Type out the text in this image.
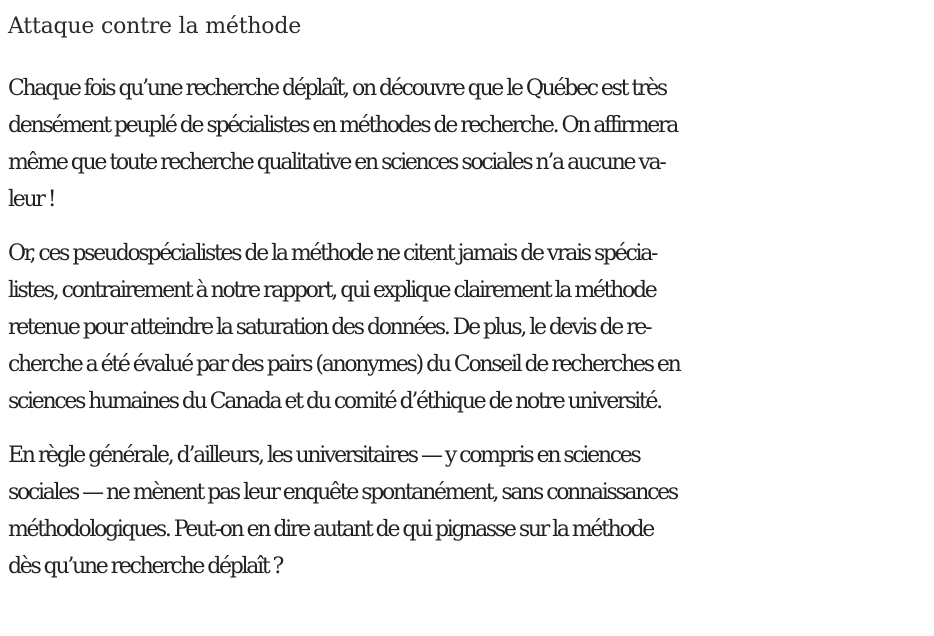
Attaque contre la méthode

Chaque fois qu’une recherche déplaît, on découvre que le Québec est très
densément peuplé de spécialistes en méthodes de recherche. On affirmera
même que toute recherche qualitative en sciences sociales n’a aucune va-
leur !

Or, ces pseudospécialistes de la méthode ne citent jamais de vrais spécia-
listes, contrairement à notre rapport, qui explique clairement la méthode
retenue pour atteindre la saturation des données. De plus, le devis de re-
cherche a été évalué par des pairs (anonymes) du Conseil de recherches en
sciences humaines du Canada et du comité d’éthique de notre université.

En règle générale, d’ailleurs, les universitaires — y compris en sciences
sociales — ne mènent pas leur enquête spontanément, sans connaissances
méthodologiques. Peut-on en dire autant de qui pignasse sur la méthode
dès qu’une recherche déplaît ?
